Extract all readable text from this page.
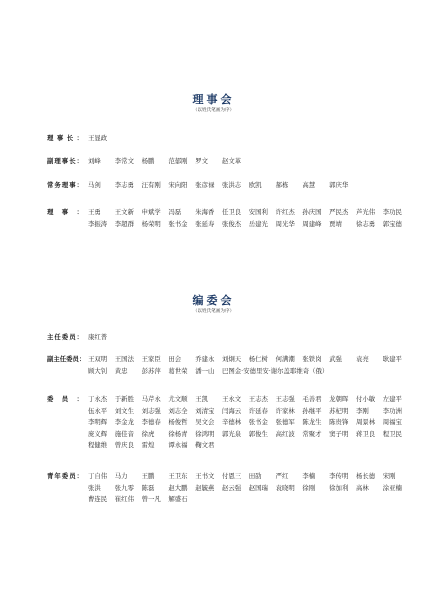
理事会
（以姓氏笔画为序）
理事长： 王显政
副理事长： 刘峰	李常文	杨鹏	范郁刚	罗文	赵文革
常务理事： 马剑	李志勇	汪有刚	宋向阳	张彦禄	张洪志	欧凯	郝栋	高慧	郭庆华
理事： 王勇	王文新	申斌学	冯磊	朱海香	任卫良	安国利	许红杰	孙庆国	严民杰	芦光伟	李功民
李振涛	李超群	杨荣明	张书金	张延寿	张俊杰	岳建光	周光华	周建峰	贾靖	徐志勇	郭宝德
编委会
（以姓氏笔画为序）
主任委员： 康红普
副主任委员： 王双明	王国法	王家臣	田会	乔建永	刘炯天	杨仁树	何满潮	张铁岗	武强	袁亮	耿建平
顾大钊	黄忠	彭苏萍	葛世荣	潘一山	巴图金·安德里安·谢尔盖耶维奇（俄）
委员： 丁永杰	于新胜	马芹永	尤文顺	王凯	王永文	王志杰	王志强	毛善君	龙朝晖	付小敏	左建平
伍永平	刘文生	刘志强	刘志全	刘清宝	闫海云	许延春	许家林	孙继平	苏杞明	李刚	李功洲
李明辉	李金龙	李德春	杨俊哲	吴文会	辛德林	张书金	张德军	陈龙生	陈贵锋	周景林	周福宝
庞义辉	施佳音	徐虎	徐杨青	徐鸿明	郭光泉	郭俊生	高红波	常聚才	窦子明	蒋卫良	程卫民
程健维	曾庆良	雷煌	谭永福	鞠文君
青年委员： 丁自伟	马力	王鹏	王卫东	王书文	付恩三	田劭	严红	李楠	李传明	杨长德	宋刚
张洪	张九零	陈磊	赵大鹏	赵毓燕	赵云强	赵国瑞	袁晓明	徐刚	徐加利	高林	涂亚楠
曹连民	崔红伟	曾一凡	解盛石
